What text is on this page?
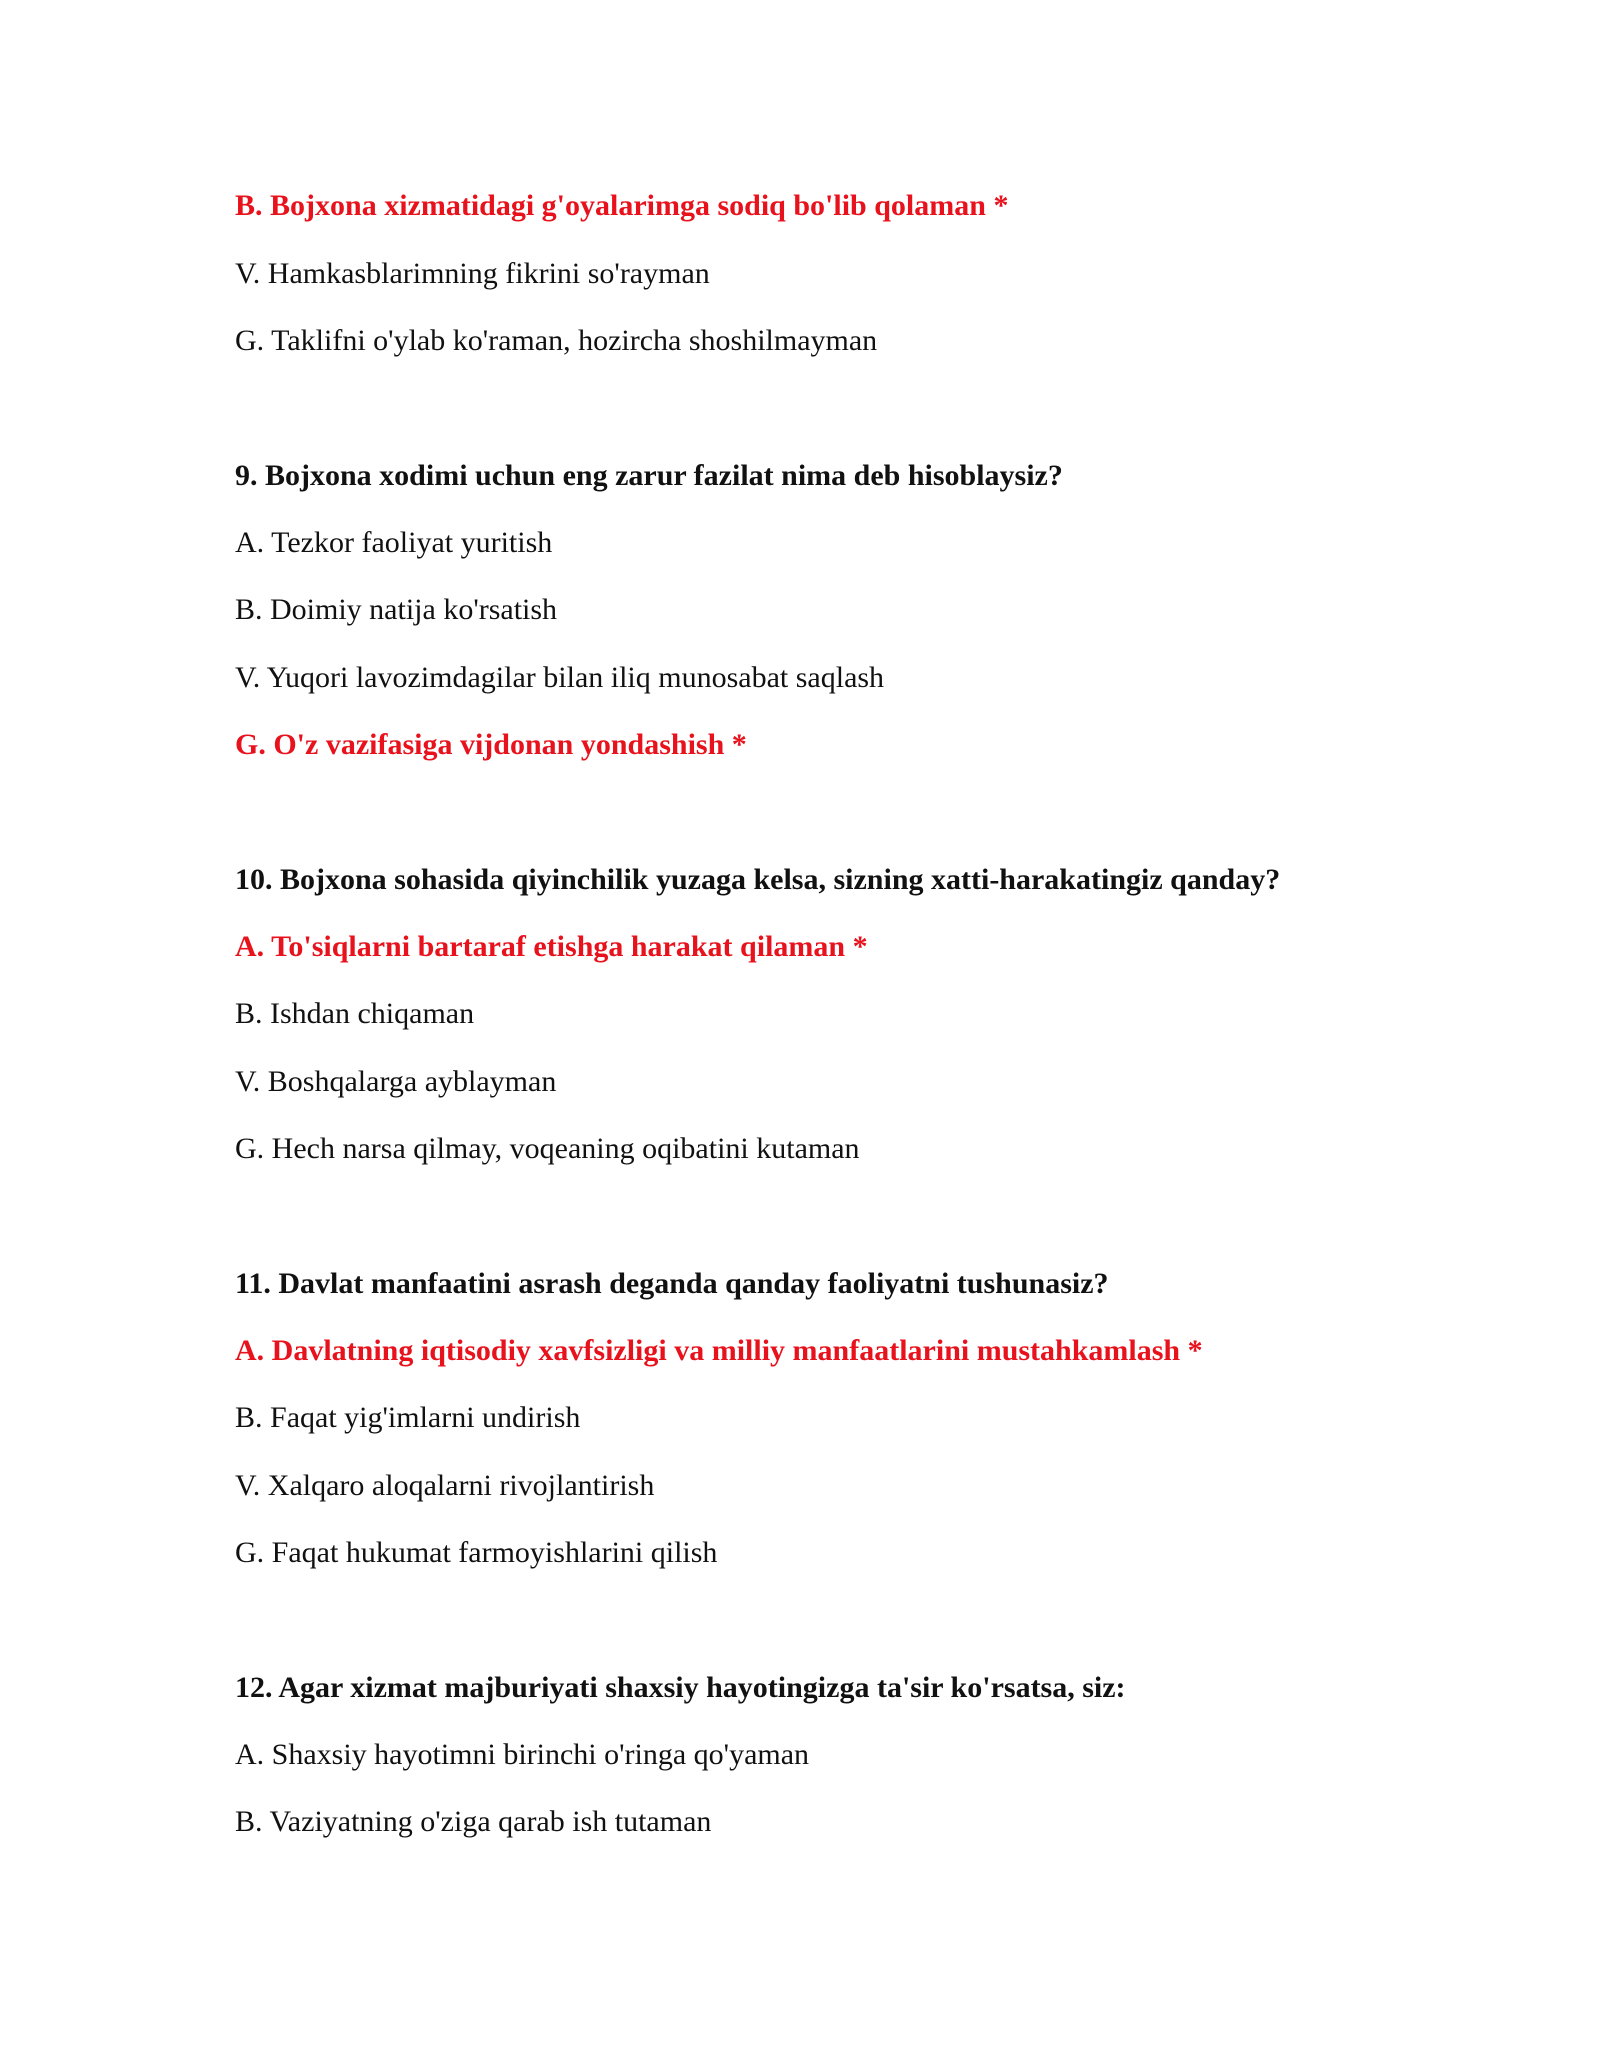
B. Bojxona xizmatidagi g'oyalarimga sodiq bo'lib qolaman *
V. Hamkasblarimning fikrini so'rayman
G. Taklifni o'ylab ko'raman, hozircha shoshilmayman
9. Bojxona xodimi uchun eng zarur fazilat nima deb hisoblaysiz?
A. Tezkor faoliyat yuritish
B. Doimiy natija ko'rsatish
V. Yuqori lavozimdagilar bilan iliq munosabat saqlash
G. O'z vazifasiga vijdonan yondashish *
10. Bojxona sohasida qiyinchilik yuzaga kelsa, sizning xatti-harakatingiz qanday?
A. To'siqlarni bartaraf etishga harakat qilaman *
B. Ishdan chiqaman
V. Boshqalarga ayblayman
G. Hech narsa qilmay, voqeaning oqibatini kutaman
11. Davlat manfaatini asrash deganda qanday faoliyatni tushunasiz?
A. Davlatning iqtisodiy xavfsizligi va milliy manfaatlarini mustahkamlash *
B. Faqat yig'imlarni undirish
V. Xalqaro aloqalarni rivojlantirish
G. Faqat hukumat farmoyishlarini qilish
12. Agar xizmat majburiyati shaxsiy hayotingizga ta'sir ko'rsatsa, siz:
A. Shaxsiy hayotimni birinchi o'ringa qo'yaman
B. Vaziyatning o'ziga qarab ish tutaman
